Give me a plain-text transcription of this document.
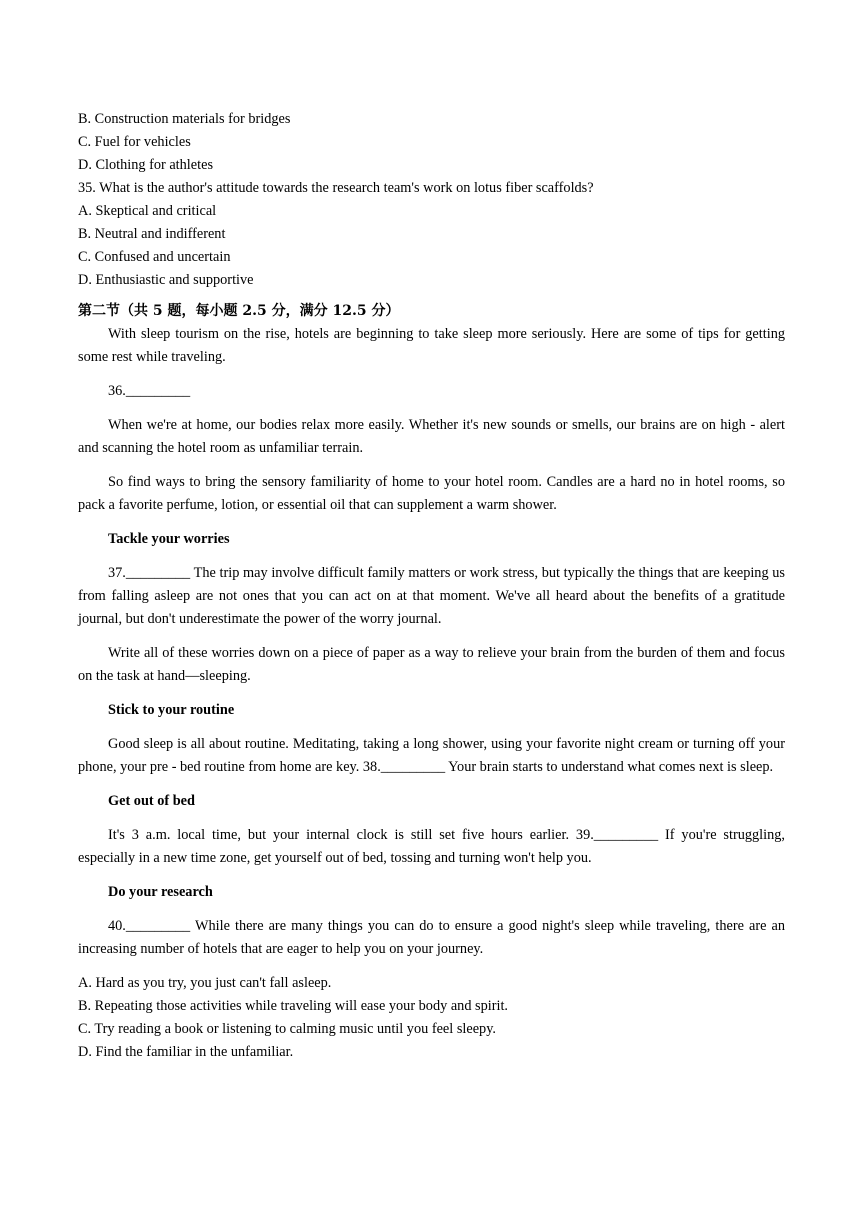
B. Construction materials for bridges
C. Fuel for vehicles
D. Clothing for athletes
35. What is the author's attitude towards the research team's work on lotus fiber scaffolds?
A. Skeptical and critical
B. Neutral and indifferent
C. Confused and uncertain
D. Enthusiastic and supportive
第二节（共 5 题，每小题 2.5 分，满分 12.5 分）

With sleep tourism on the rise, hotels are beginning to take sleep more seriously. Here are some of tips for getting some rest while traveling.

36._________

When we're at home, our bodies relax more easily. Whether it's new sounds or smells, our brains are on high - alert and scanning the hotel room as unfamiliar terrain.

So find ways to bring the sensory familiarity of home to your hotel room. Candles are a hard no in hotel rooms, so pack a favorite perfume, lotion, or essential oil that can supplement a warm shower.

Tackle your worries

37._________ The trip may involve difficult family matters or work stress, but typically the things that are keeping us from falling asleep are not ones that you can act on at that moment. We've all heard about the benefits of a gratitude journal, but don't underestimate the power of the worry journal.

Write all of these worries down on a piece of paper as a way to relieve your brain from the burden of them and focus on the task at hand—sleeping.

Stick to your routine

Good sleep is all about routine. Meditating, taking a long shower, using your favorite night cream or turning off your phone, your pre - bed routine from home are key. 38._________ Your brain starts to understand what comes next is sleep.

Get out of bed

It's 3 a.m. local time, but your internal clock is still set five hours earlier. 39._________ If you're struggling, especially in a new time zone, get yourself out of bed, tossing and turning won't help you.

Do your research

40._________ While there are many things you can do to ensure a good night's sleep while traveling, there are an increasing number of hotels that are eager to help you on your journey.

A. Hard as you try, you just can't fall asleep.
B. Repeating those activities while traveling will ease your body and spirit.
C. Try reading a book or listening to calming music until you feel sleepy.
D. Find the familiar in the unfamiliar.
